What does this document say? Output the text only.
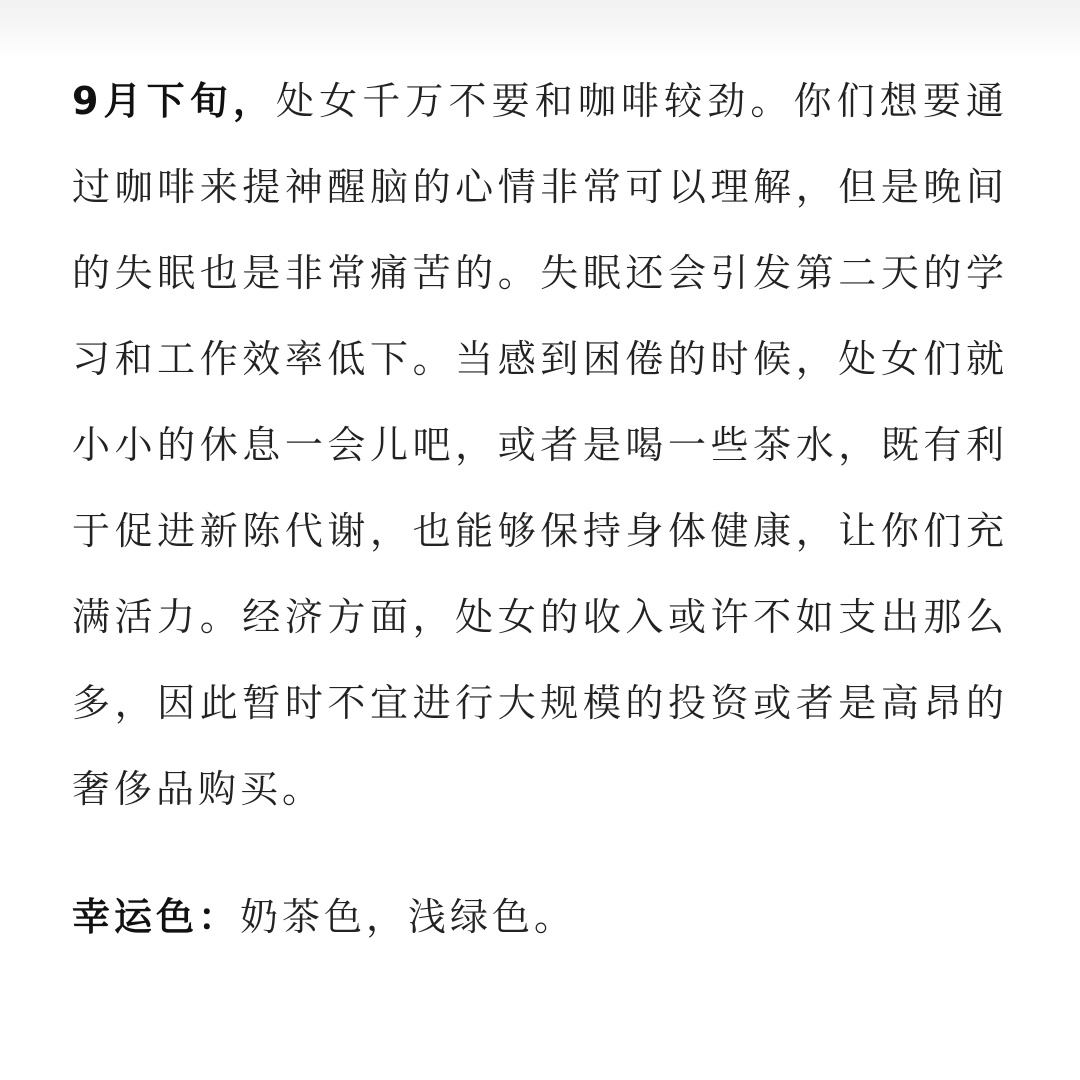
9月下旬，处女千万不要和咖啡较劲。你们想要通过咖啡来提神醒脑的心情非常可以理解，但是晚间的失眠也是非常痛苦的。失眠还会引发第二天的学习和工作效率低下。当感到困倦的时候，处女们就小小的休息一会儿吧，或者是喝一些茶水，既有利于促进新陈代谢，也能够保持身体健康，让你们充满活力。经济方面，处女的收入或许不如支出那么多，因此暂时不宜进行大规模的投资或者是高昂的奢侈品购买。

幸运色：奶茶色，浅绿色。
